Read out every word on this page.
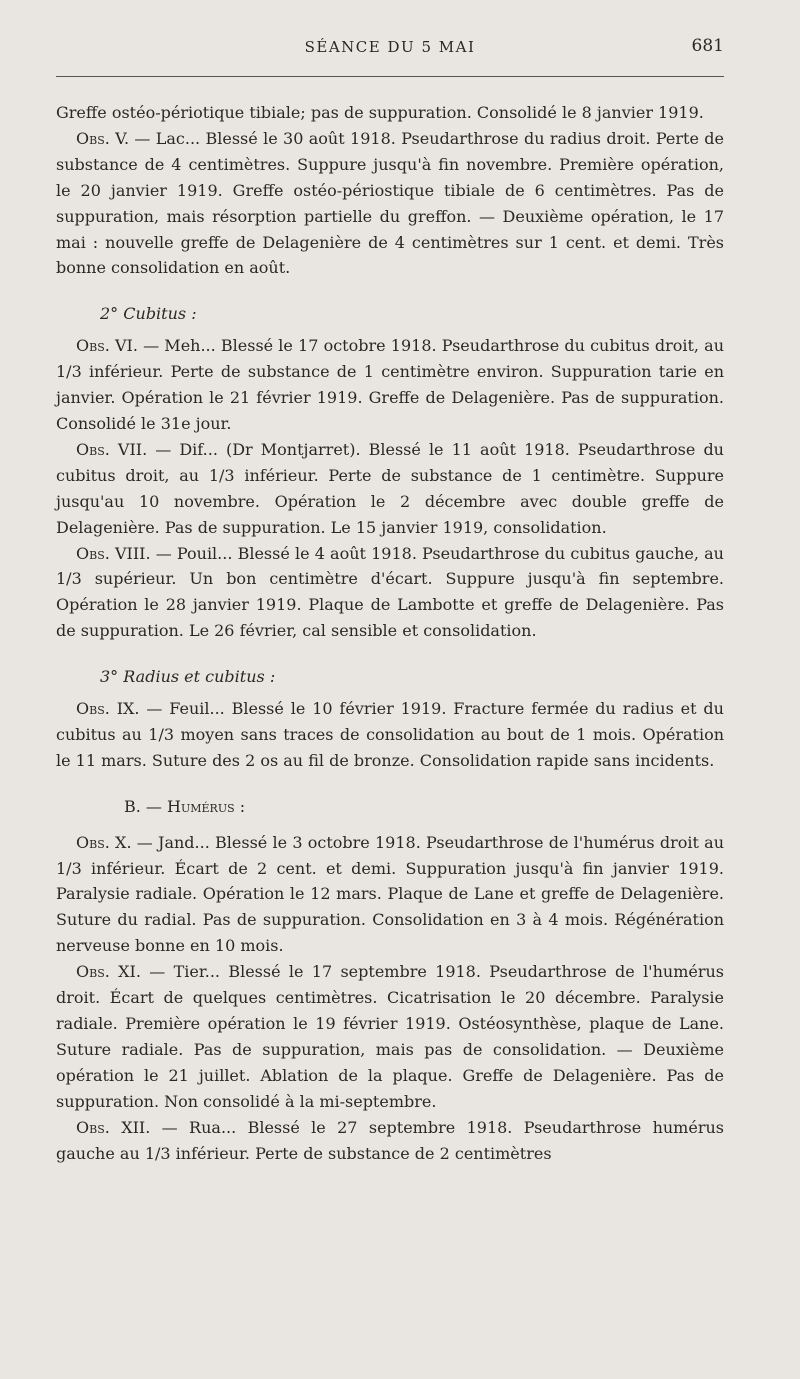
SÉANCE DU 5 MAI	681

Greffe ostéo-périotique tibiale; pas de suppuration. Consolidé le 8 janvier 1919.

Obs. V. — Lac... Blessé le 30 août 1918. Pseudarthrose du radius droit. Perte de substance de 4 centimètres. Suppure jusqu'à fin novembre. Première opération, le 20 janvier 1919. Greffe ostéo-périostique tibiale de 6 centimètres. Pas de suppuration, mais résorption partielle du greffon. — Deuxième opération, le 17 mai : nouvelle greffe de Delagenière de 4 centimètres sur 1 cent. et demi. Très bonne consolidation en août.

2° Cubitus :

Obs. VI. — Meh... Blessé le 17 octobre 1918. Pseudarthrose du cubitus droit, au 1/3 inférieur. Perte de substance de 1 centimètre environ. Suppuration tarie en janvier. Opération le 21 février 1919. Greffe de Delagenière. Pas de suppuration. Consolidé le 31e jour.

Obs. VII. — Dif... (Dr Montjarret). Blessé le 11 août 1918. Pseudarthrose du cubitus droit, au 1/3 inférieur. Perte de substance de 1 centimètre. Suppure jusqu'au 10 novembre. Opération le 2 décembre avec double greffe de Delagenière. Pas de suppuration. Le 15 janvier 1919, consolidation.

Obs. VIII. — Pouil... Blessé le 4 août 1918. Pseudarthrose du cubitus gauche, au 1/3 supérieur. Un bon centimètre d'écart. Suppure jusqu'à fin septembre. Opération le 28 janvier 1919. Plaque de Lambotte et greffe de Delagenière. Pas de suppuration. Le 26 février, cal sensible et consolidation.

3° Radius et cubitus :

Obs. IX. — Feuil... Blessé le 10 février 1919. Fracture fermée du radius et du cubitus au 1/3 moyen sans traces de consolidation au bout de 1 mois. Opération le 11 mars. Suture des 2 os au fil de bronze. Consolidation rapide sans incidents.

B. — Humérus :

Obs. X. — Jand... Blessé le 3 octobre 1918. Pseudarthrose de l'humérus droit au 1/3 inférieur. Écart de 2 cent. et demi. Suppuration jusqu'à fin janvier 1919. Paralysie radiale. Opération le 12 mars. Plaque de Lane et greffe de Delagenière. Suture du radial. Pas de suppuration. Consolidation en 3 à 4 mois. Régénération nerveuse bonne en 10 mois.

Obs. XI. — Tier... Blessé le 17 septembre 1918. Pseudarthrose de l'humérus droit. Écart de quelques centimètres. Cicatrisation le 20 décembre. Paralysie radiale. Première opération le 19 février 1919. Ostéosynthèse, plaque de Lane. Suture radiale. Pas de suppuration, mais pas de consolidation. — Deuxième opération le 21 juillet. Ablation de la plaque. Greffe de Delagenière. Pas de suppuration. Non consolidé à la mi-septembre.

Obs. XII. — Rua... Blessé le 27 septembre 1918. Pseudarthrose humérus gauche au 1/3 inférieur. Perte de substance de 2 centimètres
